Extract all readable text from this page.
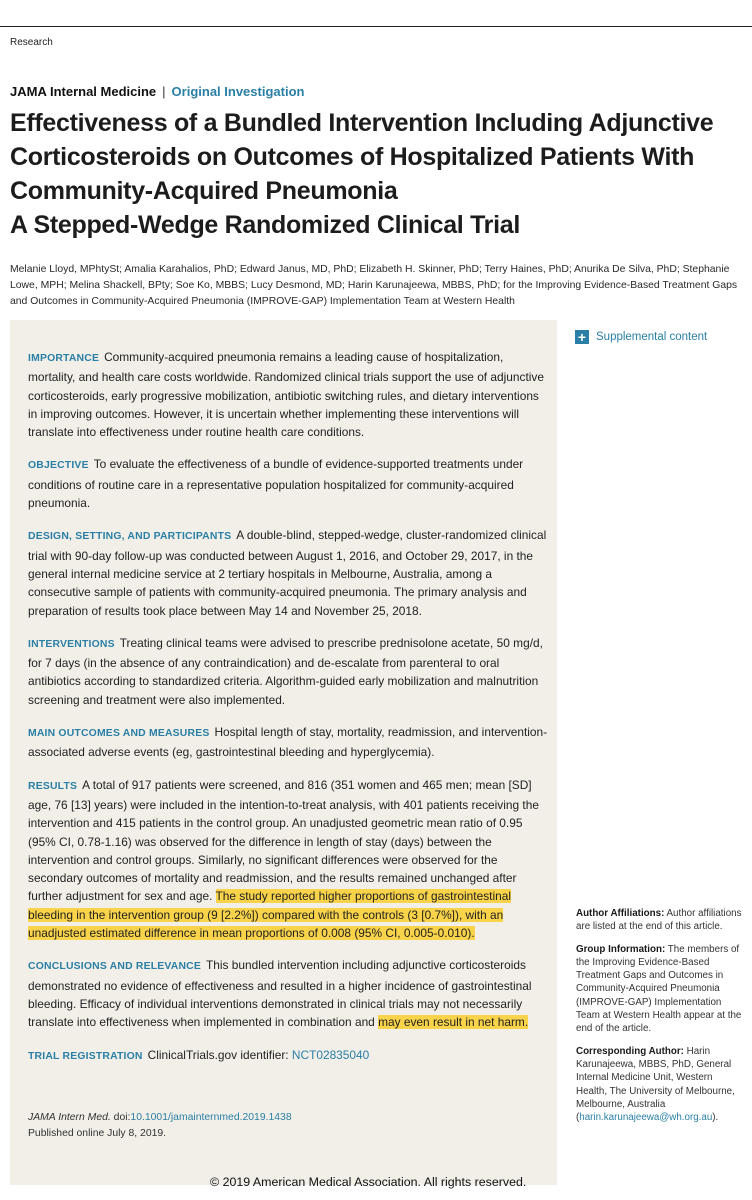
Research
JAMA Internal Medicine | Original Investigation
Effectiveness of a Bundled Intervention Including Adjunctive Corticosteroids on Outcomes of Hospitalized Patients With Community-Acquired Pneumonia
A Stepped-Wedge Randomized Clinical Trial
Melanie Lloyd, MPhtySt; Amalia Karahalios, PhD; Edward Janus, MD, PhD; Elizabeth H. Skinner, PhD; Terry Haines, PhD; Anurika De Silva, PhD; Stephanie Lowe, MPH; Melina Shackell, BPty; Soe Ko, MBBS; Lucy Desmond, MD; Harin Karunajeewa, MBBS, PhD; for the Improving Evidence-Based Treatment Gaps and Outcomes in Community-Acquired Pneumonia (IMPROVE-GAP) Implementation Team at Western Health
+ Supplemental content

IMPORTANCE Community-acquired pneumonia remains a leading cause of hospitalization, mortality, and health care costs worldwide. Randomized clinical trials support the use of adjunctive corticosteroids, early progressive mobilization, antibiotic switching rules, and dietary interventions in improving outcomes. However, it is uncertain whether implementing these interventions will translate into effectiveness under routine health care conditions.

OBJECTIVE To evaluate the effectiveness of a bundle of evidence-supported treatments under conditions of routine care in a representative population hospitalized for community-acquired pneumonia.

DESIGN, SETTING, AND PARTICIPANTS A double-blind, stepped-wedge, cluster-randomized clinical trial with 90-day follow-up was conducted between August 1, 2016, and October 29, 2017, in the general internal medicine service at 2 tertiary hospitals in Melbourne, Australia, among a consecutive sample of patients with community-acquired pneumonia. The primary analysis and preparation of results took place between May 14 and November 25, 2018.

INTERVENTIONS Treating clinical teams were advised to prescribe prednisolone acetate, 50 mg/d, for 7 days (in the absence of any contraindication) and de-escalate from parenteral to oral antibiotics according to standardized criteria. Algorithm-guided early mobilization and malnutrition screening and treatment were also implemented.

MAIN OUTCOMES AND MEASURES Hospital length of stay, mortality, readmission, and intervention-associated adverse events (eg, gastrointestinal bleeding and hyperglycemia).

RESULTS A total of 917 patients were screened, and 816 (351 women and 465 men; mean [SD] age, 76 [13] years) were included in the intention-to-treat analysis, with 401 patients receiving the intervention and 415 patients in the control group. An unadjusted geometric mean ratio of 0.95 (95% CI, 0.78-1.16) was observed for the difference in length of stay (days) between the intervention and control groups. Similarly, no significant differences were observed for the secondary outcomes of mortality and readmission, and the results remained unchanged after further adjustment for sex and age. The study reported higher proportions of gastrointestinal bleeding in the intervention group (9 [2.2%]) compared with the controls (3 [0.7%]), with an unadjusted estimated difference in mean proportions of 0.008 (95% CI, 0.005-0.010).

CONCLUSIONS AND RELEVANCE This bundled intervention including adjunctive corticosteroids demonstrated no evidence of effectiveness and resulted in a higher incidence of gastrointestinal bleeding. Efficacy of individual interventions demonstrated in clinical trials may not necessarily translate into effectiveness when implemented in combination and may even result in net harm.

TRIAL REGISTRATION ClinicalTrials.gov identifier: NCT02835040

JAMA Intern Med. doi:10.1001/jamainternmed.2019.1438
Published online July 8, 2019.

Author Affiliations: Author affiliations are listed at the end of this article.

Group Information: The members of the Improving Evidence-Based Treatment Gaps and Outcomes in Community-Acquired Pneumonia (IMPROVE-GAP) Implementation Team at Western Health appear at the end of the article.

Corresponding Author: Harin Karunajeewa, MBBS, PhD, General Internal Medicine Unit, Western Health, The University of Melbourne, Melbourne, Australia (harin.karunajeewa@wh.org.au).

© 2019 American Medical Association. All rights reserved.
